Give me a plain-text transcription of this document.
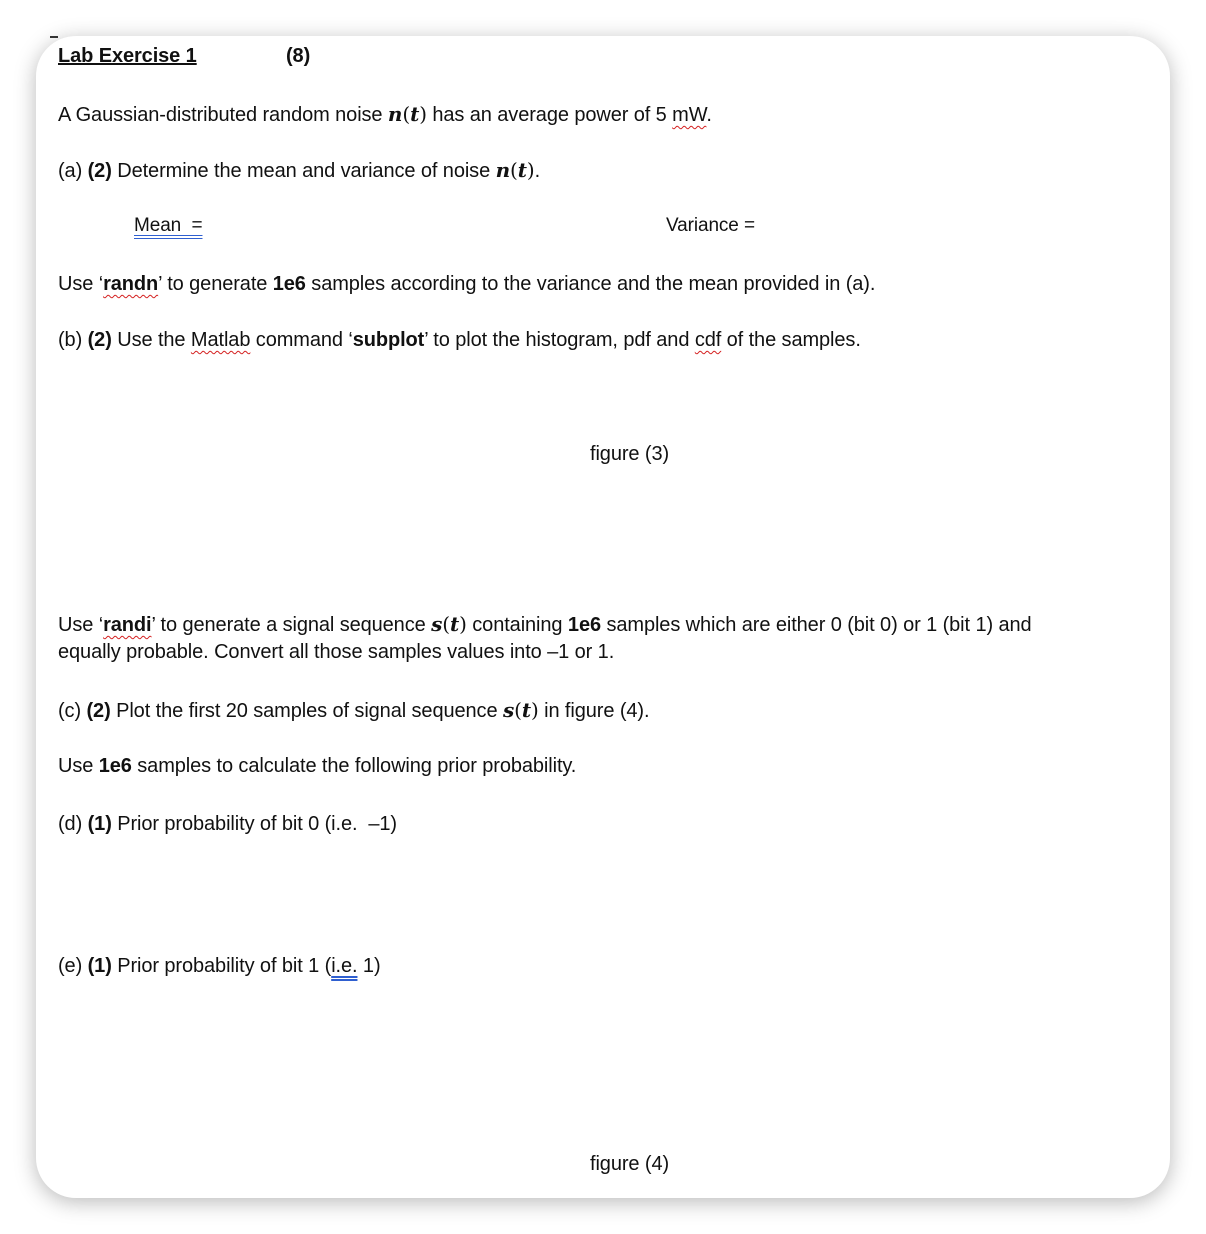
Lab Exercise 1	(8)
A Gaussian-distributed random noise n(t) has an average power of 5 mW.
(a) (2) Determine the mean and variance of noise n(t).
Mean  =	Variance =
Use ‘randn’ to generate 1e6 samples according to the variance and the mean provided in (a).
(b) (2) Use the Matlab command ‘subplot’ to plot the histogram, pdf and cdf of the samples.
figure (3)
Use ‘randi’ to generate a signal sequence s(t) containing 1e6 samples which are either 0 (bit 0) or 1 (bit 1) and
equally probable. Convert all those samples values into –1 or 1.
(c) (2) Plot the first 20 samples of signal sequence s(t) in figure (4).
Use 1e6 samples to calculate the following prior probability.
(d) (1) Prior probability of bit 0 (i.e.  –1)
(e) (1) Prior probability of bit 1 (i.e. 1)
figure (4)
